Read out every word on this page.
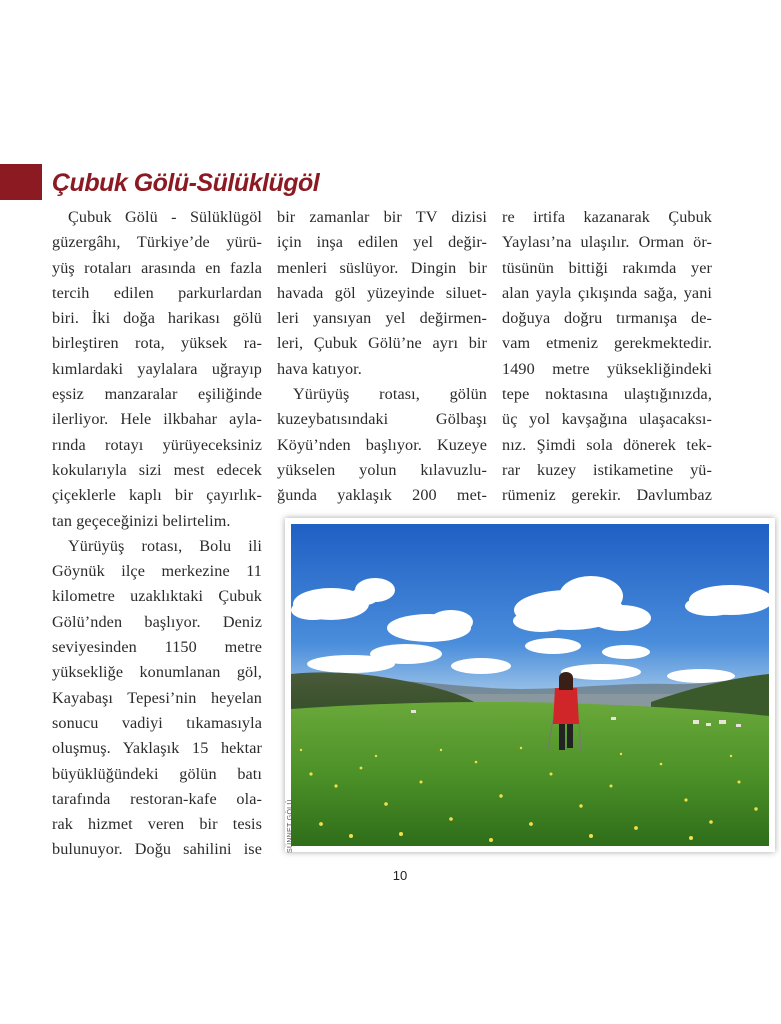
Çubuk Gölü-Sülüklügöl

Çubuk Gölü - Sülüklügöl
güzergâhı, Türkiye’de yürü-
yüş rotaları arasında en fazla
tercih edilen parkurlardan
biri. İki doğa harikası gölü
birleştiren rota, yüksek ra-
kımlardaki yaylalara uğrayıp
eşsiz manzaralar eşiliğinde
ilerliyor. Hele ilkbahar ayla-
rında rotayı yürüyeceksiniz
kokularıyla sizi mest edecek
çiçeklerle kaplı bir çayırlık-
tan geçeceğinizi belirtelim.

Yürüyüş rotası, Bolu ili
Göynük ilçe merkezine 11
kilometre uzaklıktaki Çubuk
Gölü’nden başlıyor. Deniz
seviyesinden 1150 metre
yüksekliğe konumlanan göl,
Kayabaşı Tepesi’nin heyelan
sonucu vadiyi tıkamasıyla
oluşmuş. Yaklaşık 15 hektar
büyüklüğündeki gölün batı
tarafında restoran-kafe ola-
rak hizmet veren bir tesis
bulunuyor. Doğu sahilini ise

bir zamanlar bir TV dizisi
için inşa edilen yel değir-
menleri süslüyor. Dingin bir
havada göl yüzeyinde siluet-
leri yansıyan yel değirmen-
leri, Çubuk Gölü’ne ayrı bir
hava katıyor.

Yürüyüş rotası, gölün
kuzeybatısındaki Gölbaşı
Köyü’nden başlıyor. Kuzeye
yükselen yolun kılavuzlu-
ğunda yaklaşık 200 met-

re irtifa kazanarak Çubuk
Yaylası’na ulaşılır. Orman ör-
tüsünün bittiği rakımda yer
alan yayla çıkışında sağa, yani
doğuya doğru tırmanışa de-
vam etmeniz gerekmektedir.
1490 metre yüksekliğindeki
tepe noktasına ulaştığınızda,
üç yol kavşağına ulaşacaksı-
nız. Şimdi sola dönerek tek-
rar kuzey istikametine yü-
rümeniz gerekir. Davlumbaz

SÜNNET GÖLÜ
10
